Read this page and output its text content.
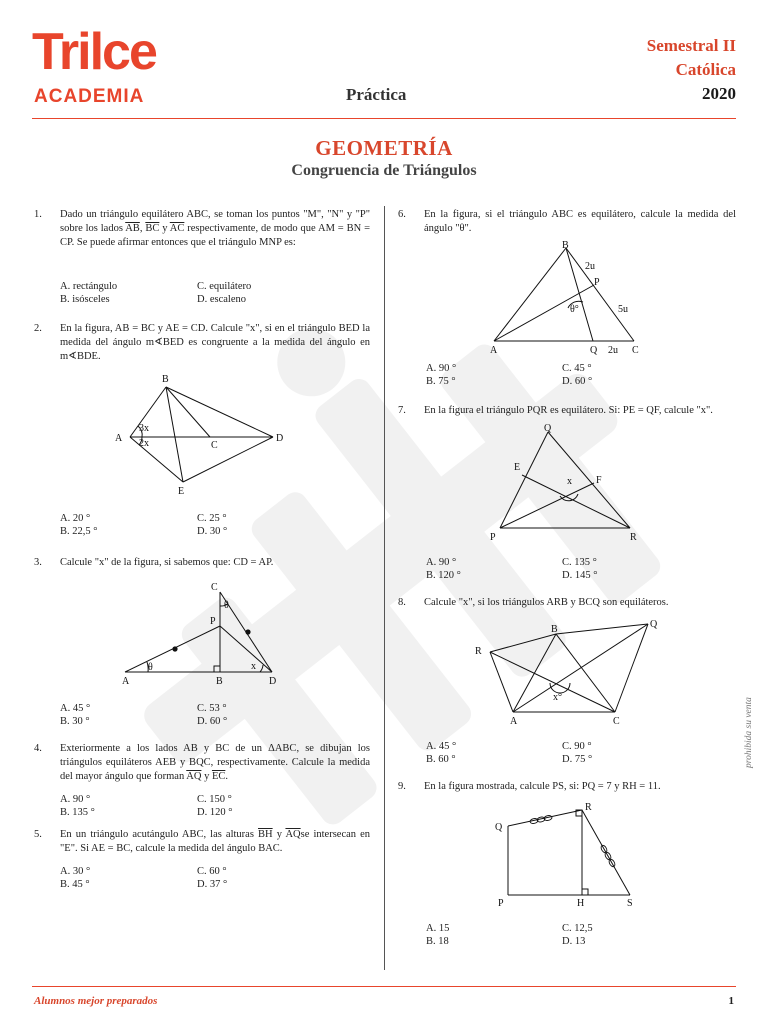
Trilce
ACADEMIA	Práctica
Semestral II
Católica
2020
GEOMETRÍA
Congruencia de Triángulos
1. Dado un triángulo equilátero ABC, se toman los puntos "M", "N" y "P" sobre los lados $\overline{AB}$, $\overline{BC}$ y $\overline{AC}$ respectivamente, de modo que AM = BN = CP. Se puede afirmar entonces que el triángulo MNP es:
A. rectángulo	C. equilátero
B. isósceles	D. escaleno
2. En la figura, AB = BC y AE = CD. Calcule "x", si en el triángulo BED la medida del ángulo m∢BED es congruente a la medida del ángulo en m∢BDE.
B
A
3x
2x	C
D
E
A. 20 °	C. 25 °
B. 22,5 °	D. 30 °
3. Calcule "x" de la figura, si sabemos que: CD = AP.
C
θ
P
θ	x
A	B	D
A. 45 °	C. 53 °
B. 30 °	D. 60 °
4. Exteriormente a los lados AB y BC de un ΔABC, se dibujan los triángulos equiláteros AEB y BQC, respectivamente. Calcule la medida del mayor ángulo que forman $\overline{AQ}$ y $\overline{EC}$.
A. 90 °	C. 150 °
B. 135 °	D. 120 °
5. En un triángulo acutángulo ABC, las alturas $\overline{BH}$ y $\overline{AQ}se$ intersecan en "E". Si AE = BC, calcule la medida del ángulo BAC.
A. 30 °	C. 60 °
B. 45 °	D. 37 °
6. En la figura, si el triángulo ABC es equilátero, calcule la medida del ángulo "θ".
B
2u
P
5u
θ°
A	Q 2u C
A. 90 °	C. 45 °
B. 75 °	D. 60 °
7. En la figura el triángulo PQR es equilátero. Si: PE = QF, calcule "x".
Q
E
x F
P	R
A. 90 °	C. 135 °
B. 120 °	D. 145 °
8. Calcule "x", si los triángulos ARB y BCQ son equiláteros.
B	Q
R
x°
A	C
A. 45 °	C. 90 °
B. 60 °	D. 75 °
9. En la figura mostrada, calcule PS, si: PQ = 7 y RH = 11.
R
Q
P	H	S
A. 15	C. 12,5
B. 18	D. 13
prohibida su venta
Alumnos mejor preparados	1
